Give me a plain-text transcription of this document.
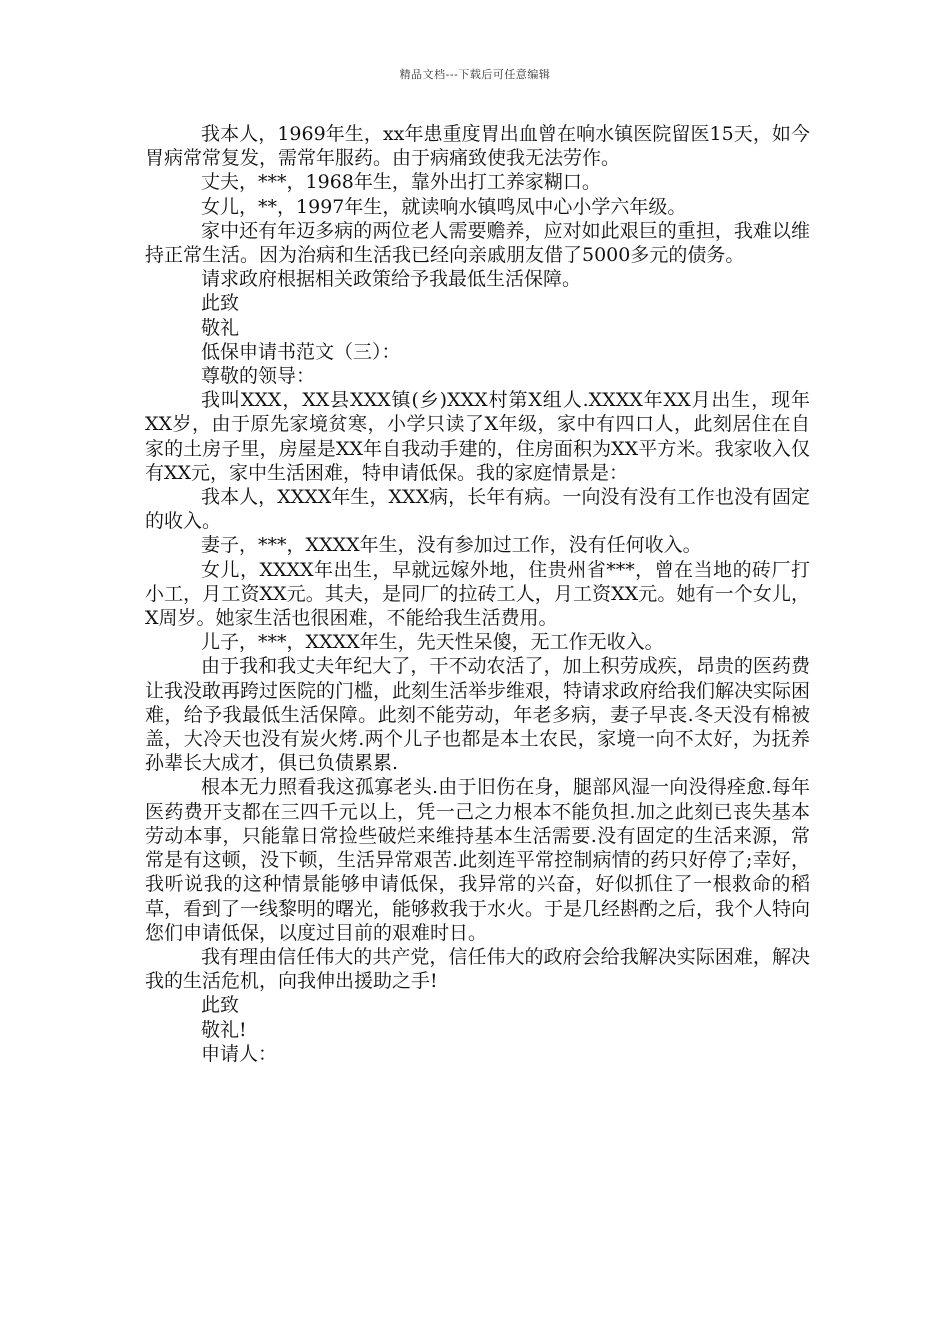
精品文档---下载后可任意编辑

我本人，1969年生，xx年患重度胃出血曾在响水镇医院留医15天，如今胃病常常复发，需常年服药。由于病痛致使我无法劳作。

丈夫，***，1968年生，靠外出打工养家糊口。

女儿，**，1997年生，就读响水镇鸣凤中心小学六年级。

家中还有年迈多病的两位老人需要赡养，应对如此艰巨的重担，我难以维持正常生活。因为治病和生活我已经向亲戚朋友借了5000多元的债务。

请求政府根据相关政策给予我最低生活保障。

此致

敬礼

低保申请书范文（三）：

尊敬的领导：

我叫XXX，XX县XXX镇(乡)XXX村第X组人.XXXX年XX月出生，现年XX岁，由于原先家境贫寒，小学只读了X年级，家中有四口人，此刻居住在自家的土房子里，房屋是XX年自我动手建的，住房面积为XX平方米。我家收入仅有XX元，家中生活困难，特申请低保。我的家庭情景是：

我本人，XXXX年生，XXX病，长年有病。一向没有没有工作也没有固定的收入。

妻子，***，XXXX年生，没有参加过工作，没有任何收入。

女儿，XXXX年出生，早就远嫁外地，住贵州省***，曾在当地的砖厂打小工，月工资XX元。其夫，是同厂的拉砖工人，月工资XX元。她有一个女儿，X周岁。她家生活也很困难，不能给我生活费用。

儿子，***，XXXX年生，先天性呆傻，无工作无收入。

由于我和我丈夫年纪大了，干不动农活了，加上积劳成疾，昂贵的医药费让我没敢再跨过医院的门槛，此刻生活举步维艰，特请求政府给我们解决实际困难，给予我最低生活保障。此刻不能劳动，年老多病，妻子早丧.冬天没有棉被盖，大冷天也没有炭火烤.两个儿子也都是本土农民，家境一向不太好，为抚养孙辈长大成才，俱已负债累累.

根本无力照看我这孤寡老头.由于旧伤在身，腿部风湿一向没得痊愈.每年医药费开支都在三四千元以上，凭一己之力根本不能负担.加之此刻已丧失基本劳动本事，只能靠日常捡些破烂来维持基本生活需要.没有固定的生活来源，常常是有这顿，没下顿，生活异常艰苦.此刻连平常控制病情的药只好停了;幸好，我听说我的这种情景能够申请低保，我异常的兴奋，好似抓住了一根救命的稻草，看到了一线黎明的曙光，能够救我于水火。于是几经斟酌之后，我个人特向您们申请低保，以度过目前的艰难时日。

我有理由信任伟大的共产党，信任伟大的政府会给我解决实际困难，解决我的生活危机，向我伸出援助之手!

此致

敬礼!

申请人：
